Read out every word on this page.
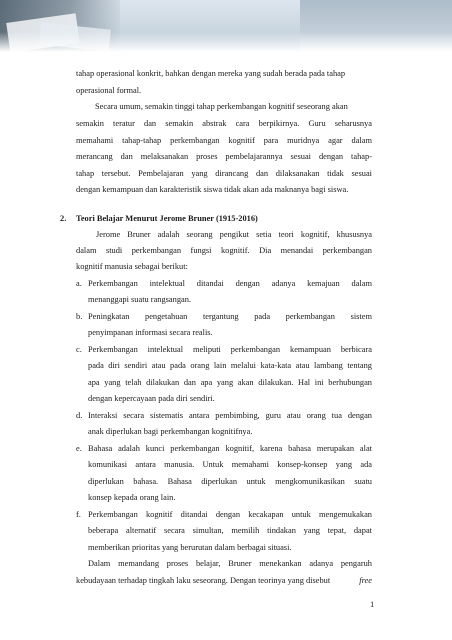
tahap operasional konkrit, bahkan dengan mereka yang sudah berada pada tahap
operasional formal.
Secara umum, semakin tinggi tahap perkembangan kognitif seseorang akan
semakin teratur dan semakin abstrak cara berpikirnya. Guru seharusnya
memahami tahap-tahap perkembangan kognitif para muridnya agar dalam
merancang dan melaksanakan proses pembelajarannya sesuai dengan tahap-
tahap tersebut. Pembelajaran yang dirancang dan dilaksanakan tidak sesuai
dengan kemampuan dan karakteristik siswa tidak akan ada maknanya bagi siswa.
2. Teori Belajar Menurut Jerome Bruner (1915-2016)
Jerome Bruner adalah seorang pengikut setia teori kognitif, khususnya
dalam studi perkembangan fungsi kognitif. Dia menandai perkembangan
kognitif manusia sebagai berikut:
a. Perkembangan intelektual ditandai dengan adanya kemajuan dalam
menanggapi suatu rangsangan.
b. Peningkatan pengetahuan tergantung pada perkembangan sistem
penyimpanan informasi secara realis.
c. Perkembangan intelektual meliputi perkembangan kemampuan berbicara
pada diri sendiri atau pada orang lain melalui kata-kata atau lambang tentang
apa yang telah dilakukan dan apa yang akan dilakukan. Hal ini berhubungan
dengan kepercayaan pada diri sendiri.
d. Interaksi secara sistematis antara pembimbing, guru atau orang tua dengan
anak diperlukan bagi perkembangan kognitifnya.
e. Bahasa adalah kunci perkembangan kognitif, karena bahasa merupakan alat
komunikasi antara manusia. Untuk memahami konsep-konsep yang ada
diperlukan bahasa. Bahasa diperlukan untuk mengkomunikasikan suatu
konsep kepada orang lain.
f. Perkembangan kognitif ditandai dengan kecakapan untuk mengemukakan
beberapa alternatif secara simultan, memilih tindakan yang tepat, dapat
memberikan prioritas yang berurutan dalam berbagai situasi.
Dalam memandang proses belajar, Bruner menekankan adanya pengaruh
kebudayaan terhadap tingkah laku seseorang. Dengan teorinya yang disebut	free
1
